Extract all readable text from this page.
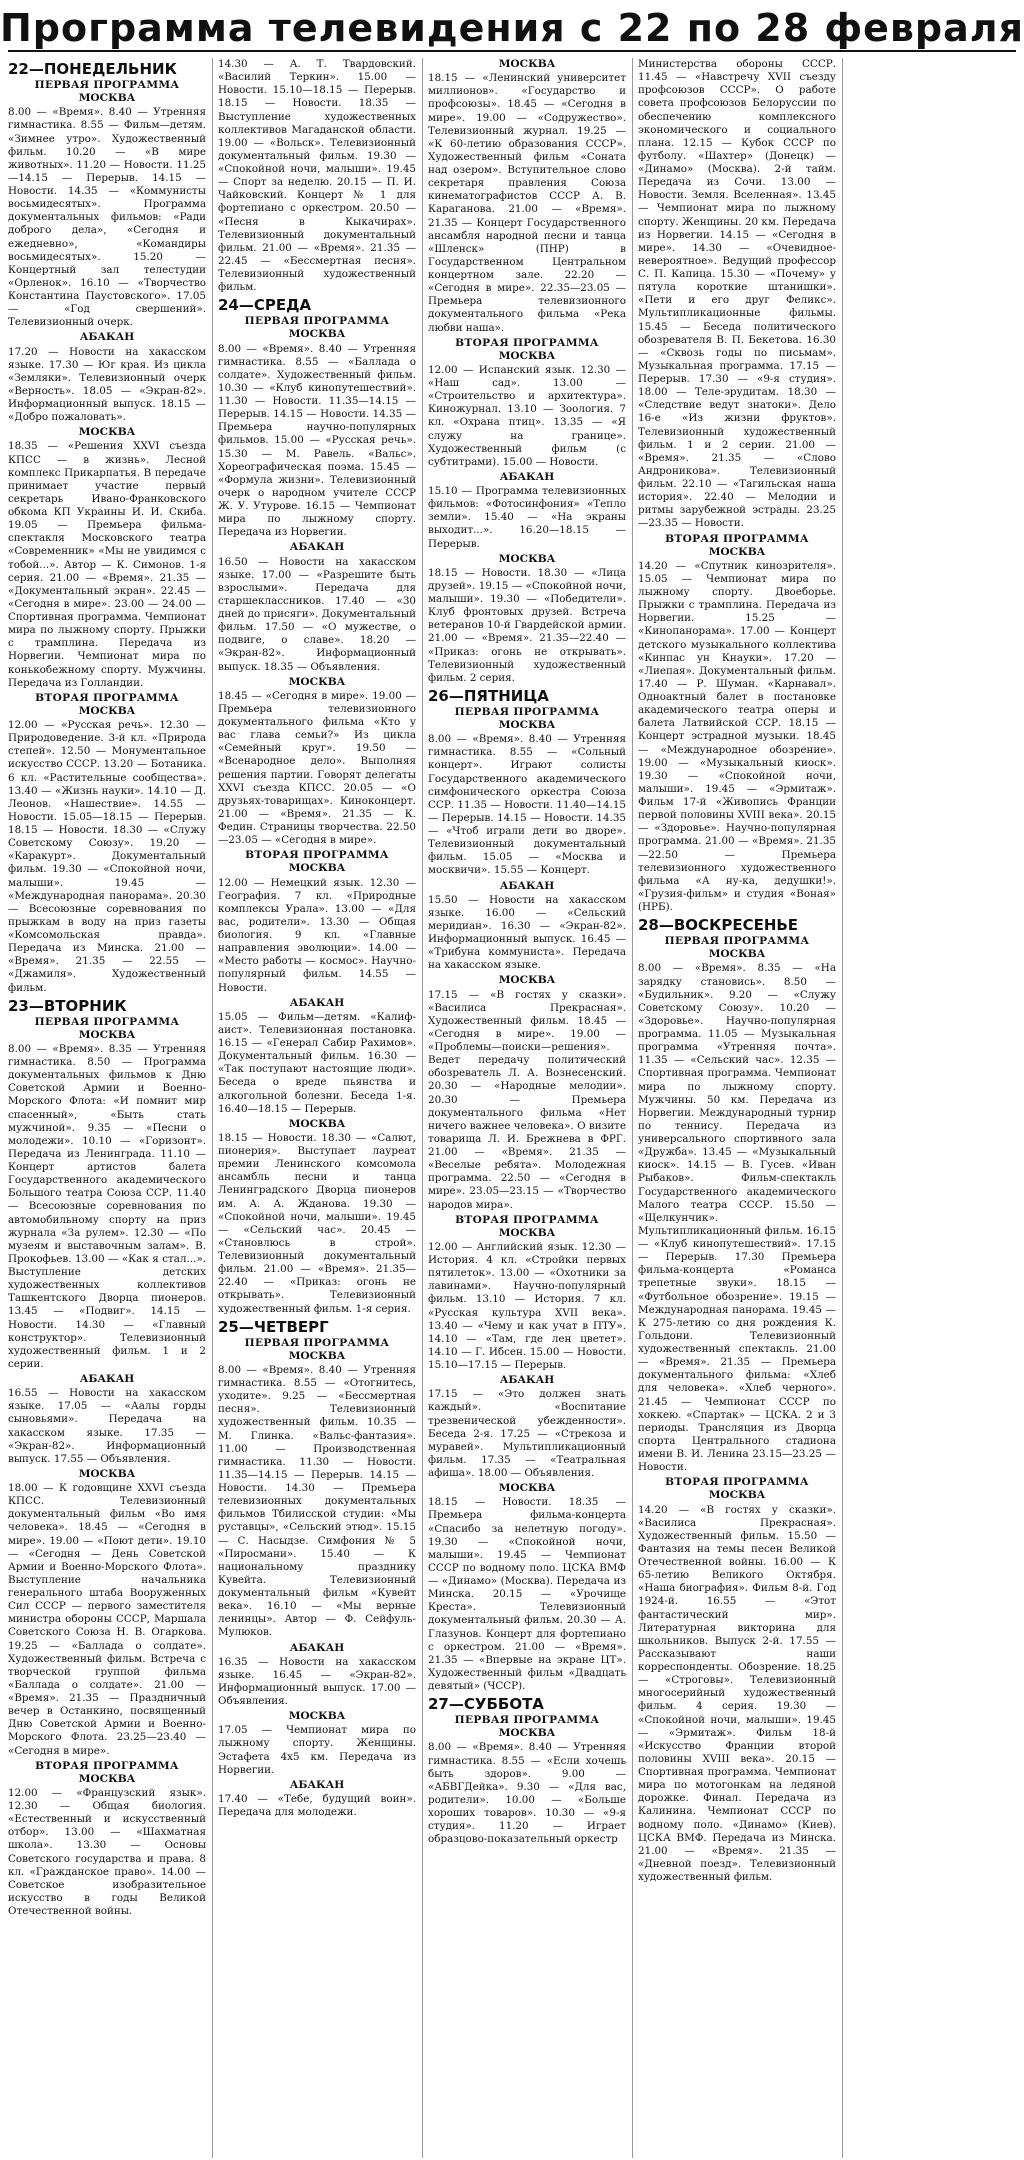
Программа телевидения с 22 по 28 февраля
22—ПОНЕДЕЛЬНИК
ПЕРВАЯ ПРОГРАММА
МОСКВА

8.00 — «Время». 8.40 — Утренняя гимнастика. 8.55 — Фильм—детям. «Зимнее утро». Художественный фильм. 10.20 — «В мире животных». 11.20 — Новости. 11.25—14.15 — Перерыв. 14.15 — Новости. 14.35 — «Коммунисты восьмидесятых». Программа документальных фильмов: «Ради доброго дела», «Сегодня и ежедневно», «Командиры восьмидесятых». 15.20 — Концертный зал телестудии «Орленок». 16.10 — «Творчество Константина Паустовского». 17.05 — «Год свершений». Телевизионный очерк.

АБАКАН

17.20 — Новости на хакасском языке. 17.30 — Юг края. Из цикла «Земляки». Телевизионный очерк «Верность». 18.05 — «Экран-82». Информационный выпуск. 18.15 — «Добро пожаловать».

МОСКВА

18.35 — «Решения XXVI съезда КПСС — в жизнь». Лесной комплекс Прикарпатья. В передаче принимает участие первый секретарь Ивано-Франковского обкома КП Украины И. И. Скиба. 19.05 — Премьера фильма-спектакля Московского театра «Современник» «Мы не увидимся с тобой...». Автор — К. Симонов. 1-я серия. 21.00 — «Время». 21.35 — «Документальный экран». 22.45 — «Сегодня в мире». 23.00 — 24.00 — Спортивная программа. Чемпионат мира по лыжному спорту. Прыжки с трамплина. Передача из Норвегии. Чемпионат мира по конькобежному спорту. Мужчины. Передача из Голландии.

ВТОРАЯ ПРОГРАММА
МОСКВА

12.00 — «Русская речь». 12.30 — Природоведение. 3-й кл. «Природа степей». 12.50 — Монументальное искусство СССР. 13.20 — Ботаника. 6 кл. «Растительные сообщества». 13.40 — «Жизнь науки». 14.10 — Д. Леонов. «Нашествие». 14.55 — Новости. 15.05—18.15 — Перерыв. 18.15 — Новости. 18.30 — «Служу Советскому Союзу». 19.20 — «Каракурт». Документальный фильм. 19.30 — «Спокойной ночи, малыши». 19.45 — «Международная панорама». 20.30 — Всесоюзные соревнования по прыжкам в воду на приз газеты «Комсомольская правда». Передача из Минска. 21.00 — «Время». 21.35 — 22.55 — «Джамиля». Художественный фильм.

23—ВТОРНИК
ПЕРВАЯ ПРОГРАММА
МОСКВА

8.00 — «Время». 8.35 — Утренняя гимнастика. 8.50 — Программа документальных фильмов к Дню Советской Армии и Военно-Морского Флота: «И помнит мир спасенный», «Быть стать мужчиной». 9.35 — «Песни о молодежи». 10.10 — «Горизонт». Передача из Ленинграда. 11.10 — Концерт артистов балета Государственного академического Большого театра Союза ССР. 11.40 — Всесоюзные соревнования по автомобильному спорту на приз журнала «За рулем». 12.30 — «По музеям и выставочным залам». В. Прокофьев. 13.00 — «Как я стал...». Выступление детских художественных коллективов Ташкентского Дворца пионеров. 13.45 — «Подвиг». 14.15 — Новости. 14.30 — «Главный конструктор». Телевизионный художественный фильм. 1 и 2 серии.

АБАКАН

16.55 — Новости на хакасском языке. 17.05 — «Аалы горды сыновьями». Передача на хакасском языке. 17.35 — «Экран-82». Информационный выпуск. 17.55 — Объявления.

МОСКВА

18.00 — К годовщине XXVI съезда КПСС. Телевизионный документальный фильм «Во имя человека». 18.45 — «Сегодня в мире». 19.00 — «Поют дети». 19.10 — «Сегодня — День Советской Армии и Военно-Морского Флота». Выступление начальника генерального штаба Вооруженных Сил СССР — первого заместителя министра обороны СССР, Маршала Советского Союза Н. В. Огаркова. 19.25 — «Баллада о солдате». Художественный фильм. Встреча с творческой группой фильма «Баллада о солдате». 21.00 — «Время». 21.35 — Праздничный вечер в Останкино, посвященный Дню Советской Армии и Военно-Морского Флота. 23.25—23.40 — «Сегодня в мире».

ВТОРАЯ ПРОГРАММА
МОСКВА

12.00 — «Французский язык». 12.30 — Общая биология. «Естественный и искусственный отбор». 13.00 — «Шахматная школа». 13.30 — Основы Советского государства и права. 8 кл. «Гражданское право». 14.00 — Советское изобразительное искусство в годы Великой Отечественной войны.

14.30 — А. Т. Твардовский. «Василий Теркин». 15.00 — Новости. 15.10—18.15 — Перерыв. 18.15 — Новости. 18.35 — Выступление художественных коллективов Магаданской области. 19.00 — «Вольск». Телевизионный документальный фильм. 19.30 — «Спокойной ночи, малыши». 19.45 — Спорт за неделю. 20.15 — П. И. Чайковский. Концерт № 1 для фортепиано с оркестром. 20.50 — «Песня в Кыкачирах». Телевизионный документальный фильм. 21.00 — «Время». 21.35 — 22.45 — «Бессмертная песня». Телевизионный художественный фильм.

24—СРЕДА
ПЕРВАЯ ПРОГРАММА
МОСКВА

8.00 — «Время». 8.40 — Утренняя гимнастика. 8.55 — «Баллада о солдате». Художественный фильм. 10.30 — «Клуб кинопутешествий». 11.30 — Новости. 11.35—14.15 — Перерыв. 14.15 — Новости. 14.35 — Премьера научно-популярных фильмов. 15.00 — «Русская речь». 15.30 — М. Равель. «Вальс». Хореографическая поэма. 15.45 — «Формула жизни». Телевизионный очерк о народном учителе СССР Ж. У. Утурове. 16.15 — Чемпионат мира по лыжному спорту. Передача из Норвегии.

АБАКАН

16.50 — Новости на хакасском языке. 17.00 — «Разрешите быть взрослыми». Передача для старшеклассников. 17.40 — «30 дней до присяги». Документальный фильм. 17.50 — «О мужестве, о подвиге, о славе». 18.20 — «Экран-82». Информационный выпуск. 18.35 — Объявления.

МОСКВА

18.45 — «Сегодня в мире». 19.00 — Премьера телевизионного документального фильма «Кто у вас главa семьи?» Из цикла «Семейный круг». 19.50 — «Всенародное дело». Выполняя решения партии. Говорят делегаты XXVI съезда КПСС. 20.05 — «О друзьях-товарищах». Киноконцерт. 21.00 — «Время». 21.35 — К. Федин. Страницы творчества. 22.50—23.05 — «Сегодня в мире».

ВТОРАЯ ПРОГРАММА
МОСКВА

12.00 — Немецкий язык. 12.30 — География. 7 кл. «Природные комплексы Урала». 13.00 — «Для вас, родители». 13.30 — Общая биология. 9 кл. «Главные направления эволюции». 14.00 — «Место работы — космос». Научно-популярный фильм. 14.55 — Новости.

АБАКАН

15.05 — Фильм—детям. «Калиф-аист». Телевизионная постановка. 16.15 — «Генерал Сабир Рахимов». Документальный фильм. 16.30 — «Так поступают настоящие люди». Беседа о вреде пьянства и алкогольной болезни. Беседа 1-я. 16.40—18.15 — Перерыв.

МОСКВА

18.15 — Новости. 18.30 — «Салют, пионерия». Выступает лауреат премии Ленинского комсомола ансамбль песни и танца Ленинградского Дворца пионеров им. А. А. Жданова. 19.30 — «Спокойной ночи, малыши». 19.45 — «Сельский час». 20.45 — «Становлюсь в строй». Телевизионный документальный фильм. 21.00 — «Время». 21.35—22.40 — «Приказ: огонь не открывать». Телевизионный художественный фильм. 1-я серия.

25—ЧЕТВЕРГ
ПЕРВАЯ ПРОГРАММА
МОСКВА

8.00 — «Время». 8.40 — Утренняя гимнастика. 8.55 — «Отогнитесь, уходите». 9.25 — «Бессмертная песня». Телевизионный художественный фильм. 10.35 — М. Глинка. «Вальс-фантазия». 11.00 — Производственная гимнастика. 11.30 — Новости. 11.35—14.15 — Перерыв. 14.15 — Новости. 14.30 — Премьера телевизионных документальных фильмов Тбилисской студии: «Мы руставцы», «Сельский этюд». 15.15 — С. Насыдзе. Симфония № 5 «Пиросмани». 15.40 — К национальному празднику Кувейта. Телевизионный документальный фильм «Кувейт века». 16.10 — «Мы верные ленинцы». Автор — Ф. Сейфуль-Мулюков.

АБАКАН

16.35 — Новости на хакасском языке. 16.45 — «Экран-82». Информационный выпуск. 17.00 — Объявления.

МОСКВА

17.05 — Чемпионат мира по лыжному спорту. Женщины. Эстафета 4x5 км. Передача из Норвегии.

АБАКАН

17.40 — «Тебе, будущий воин». Передача для молодежи.

МОСКВА

18.15 — «Ленинский университет миллионов». «Государство и профсоюзы». 18.45 — «Сегодня в мире». 19.00 — «Содружество». Телевизионный журнал. 19.25 — «К 60-летию образования СССР». Художественный фильм «Соната над озером». Вступительное слово секретаря правления Союза кинематографистов СССР А. В. Караганова. 21.00 — «Время». 21.35 — Концерт Государственного ансамбля народной песни и танца «Шленск» (ПНР) в Государственном Центральном концертном зале. 22.20 — «Сегодня в мире». 22.35—23.05 — Премьера телевизионного документального фильма «Река любви наша».

ВТОРАЯ ПРОГРАММА
МОСКВА

12.00 — Испанский язык. 12.30 — «Наш сад». 13.00 — «Строительство и архитектура». Киножурнал. 13.10 — Зоология. 7 кл. «Охрана птиц». 13.35 — «Я служу на границе». Художественный фильм (с субтитрами). 15.00 — Новости.

АБАКАН

15.10 — Программа телевизионных фильмов: «Фотосинфония» «Тепло земли». 15.40 — «На экраны выходит...». 16.20—18.15 — Перерыв.

МОСКВА

18.15 — Новости. 18.30 — «Лица друзей». 19.15 — «Спокойной ночи, малыши». 19.30 — «Победители». Клуб фронтовых друзей. Встреча ветеранов 10-й Гвардейской армии. 21.00 — «Время». 21.35—22.40 — «Приказ: огонь не открывать». Телевизионный художественный фильм. 2 серия.

26—ПЯТНИЦА
ПЕРВАЯ ПРОГРАММА
МОСКВА

8.00 — «Время». 8.40 — Утренняя гимнастика. 8.55 — «Сольный концерт». Играют солисты Государственного академического симфонического оркестра Союза ССР. 11.35 — Новости. 11.40—14.15 — Перерыв. 14.15 — Новости. 14.35 — «Чтоб играли дети во дворе». Телевизионный документальный фильм. 15.05 — «Москва и москвичи». 15.55 — Концерт.

АБАКАН

15.50 — Новости на хакасском языке. 16.00 — «Сельский меридиан». 16.30 — «Экран-82». Информационный выпуск. 16.45 — «Трибуна коммуниста». Передача на хакасском языке.

МОСКВА

17.15 — «В гостях у сказки». «Василиса Прекрасная». Художественный фильм. 18.45 — «Сегодня в мире». 19.00 — «Проблемы—поиски—решения». Ведет передачу политический обозреватель Л. А. Вознесенский. 20.30 — «Народные мелодии». 20.30 — Премьера документального фильма «Нет ничего важнее человека». О визите товарища Л. И. Брежнева в ФРГ. 21.00 — «Время». 21.35 — «Веселые ребята». Молодежная программа. 22.50 — «Сегодня в мире». 23.05—23.15 — «Творчество народов мира».

ВТОРАЯ ПРОГРАММА
МОСКВА

12.00 — Английский язык. 12.30 — История. 4 кл. «Стройки первых пятилеток». 13.00 — «Охотники за лавинами». Научно-популярный фильм. 13.10 — История. 7 кл. «Русская культура XVII века». 13.40 — «Чему и как учат в ПТУ». 14.10 — «Там, где лен цветет». 14.10 — Г. Ибсен. 15.00 — Новости. 15.10—17.15 — Перерыв.

АБАКАН

17.15 — «Это должен знать каждый». «Воспитание трезвенической убежденности». Беседа 2-я. 17.25 — «Стрекоза и муравей». Мультипликационный фильм. 17.35 — «Театральная афиша». 18.00 — Объявления.

МОСКВА

18.15 — Новости. 18.35 — Премьера фильма-концерта «Спасибо за нелетную погоду». 19.30 — «Спокойной ночи, малыши». 19.45 — Чемпионат СССР по водному поло. ЦСКА ВМФ — «Динамо» (Москва). Передача из Минска. 20.15 — «Урочище Креста». Телевизионный документальный фильм. 20.30 — А. Глазунов. Концерт для фортепиано с оркестром. 21.00 — «Время». 21.35 — «Впервые на экране ЦТ». Художественный фильм «Двадцать девятый» (ЧССР).

27—СУББОТА
ПЕРВАЯ ПРОГРАММА
МОСКВА

8.00 — «Время». 8.40 — Утренняя гимнастика. 8.55 — «Если хочешь быть здоров». 9.00 — «АБВГДейка». 9.30 — «Для вас, родители». 10.00 — «Больше хороших товаров». 10.30 — «9-я студия». 11.20 — Играет образцово-показательный оркестр

Министерства обороны СССР. 11.45 — «Навстречу XVII съезду профсоюзов СССР». О работе совета профсоюзов Белоруссии по обеспечению комплексного экономического и социального плана. 12.15 — Кубок СССР по футболу. «Шахтер» (Донецк) — «Динамо» (Москва). 2-й тайм. Передача из Сочи. 13.00 — Новости. Земля. Вселенная». 13.45 — Чемпионат мира по лыжному спорту. Женщины. 20 км. Передача из Норвегии. 14.15 — «Сегодня в мире». 14.30 — «Очевидное-невероятное». Ведущий профессор С. П. Капица. 15.30 — «Почему» у пятула короткие штанишки». «Пети и его друг Феликс». Мультипликационные фильмы. 15.45 — Беседа политического обозревателя В. П. Бекетова. 16.30 — «Сквозь годы по письмам». Музыкальная программа. 17.15 — Перерыв. 17.30 — «9-я студия». 18.00 — Теле-эрудитам. 18.30 — «Следствие ведут знатоки». Дело 16-е «Из жизни фруктов». Телевизионный художественный фильм. 1 и 2 серии. 21.00 — «Время». 21.35 — «Слово Андроникова». Телевизионный фильм. 22.10 — «Тагильская наша история». 22.40 — Мелодии и ритмы зарубежной эстрады. 23.25—23.35 — Новости.

ВТОРАЯ ПРОГРАММА
МОСКВА

14.20 — «Спутник кинозрителя». 15.05 — Чемпионат мира по лыжному спорту. Двоеборье. Прыжки с трамплина. Передача из Норвегии. 15.25 — «Кинопанорама». 17.00 — Концерт детского музыкального коллектива «Кинпас ун Кнауки». 17.20 — «Лиепая». Документальный фильм. 17.40 — Р. Шуман. «Карнавал». Одноактный балет в постановке академического театра оперы и балета Латвийской ССР. 18.15 — Концерт эстрадной музыки. 18.45 — «Международное обозрение». 19.00 — «Музыкальный киоск». 19.30 — «Спокойной ночи, малыши». 19.45 — «Эрмитаж». Фильм 17-й «Живопись Франции первой половины XVIII века». 20.15 — «Здоровье». Научно-популярная программа. 21.00 — «Время». 21.35—22.50 — Премьера телевизионного художественного фильма «А ну-ка, дедушки!». «Грузия-фильм» и студия «Воная» (НРБ).

28—ВОСКРЕСЕНЬЕ
ПЕРВАЯ ПРОГРАММА
МОСКВА

8.00 — «Время». 8.35 — «На зарядку становись». 8.50 — «Будильник». 9.20 — «Служу Советскому Союзу». 10.20 — «Здоровье». Научно-популярная программа. 11.05 — Музыкальная программа «Утренняя почта». 11.35 — «Сельский час». 12.35 — Спортивная программа. Чемпионат мира по лыжному спорту. Мужчины. 50 км. Передача из Норвегии. Международный турнир по теннису. Передача из универсального спортивного зала «Дружба». 13.45 — «Музыкальный киоск». 14.15 — В. Гусев. «Иван Рыбаков». Фильм-спектакль Государственного академического Малого театра СССР. 15.50 — «Щелкунчик». Мультипликационный фильм. 16.15 — «Клуб кинопутешествий». 17.15 — Перерыв. 17.30 Премьера фильма-концерта «Романса трепетные звуки». 18.15 — «Футбольное обозрение». 19.15 — Международная панорама. 19.45 — К 275-летию со дня рождения К. Гольдони. Телевизионный художественный спектакль. 21.00 — «Время». 21.35 — Премьера документального фильма: «Хлеб для человека». «Хлеб черного». 21.45 — Чемпионат СССР по хоккею. «Спартак» — ЦСКА. 2 и 3 периоды. Трансляция из Дворца спорта Центрального стадиона имени В. И. Ленина 23.15—23.25 — Новости.

ВТОРАЯ ПРОГРАММА
МОСКВА

14.20 — «В гостях у сказки». «Василиса Прекрасная». Художественный фильм. 15.50 — Фантазия на темы песен Великой Отечественной войны. 16.00 — К 65-летию Великого Октября. «Наша биография». Фильм 8-й. Год 1924-й. 16.55 — «Этот фантастический мир». Литературная викторина для школьников. Выпуск 2-й. 17.55 — Рассказывают наши корреспонденты. Обозрение. 18.25 — «Строговы». Телевизионный многосерийный художественный фильм. 4 серия. 19.30 — «Спокойной ночи, малыши». 19.45 — «Эрмитаж». Фильм 18-й «Искусство Франции второй половины XVIII века». 20.15 — Спортивная программа. Чемпионат мира по мотогонкам на ледяной дорожке. Финал. Передача из Калинина. Чемпионат СССР по водному поло. «Динамо» (Киев). ЦСКА ВМФ. Передача из Минска. 21.00 — «Время». 21.35 — «Дневной поезд». Телевизионный художественный фильм.
